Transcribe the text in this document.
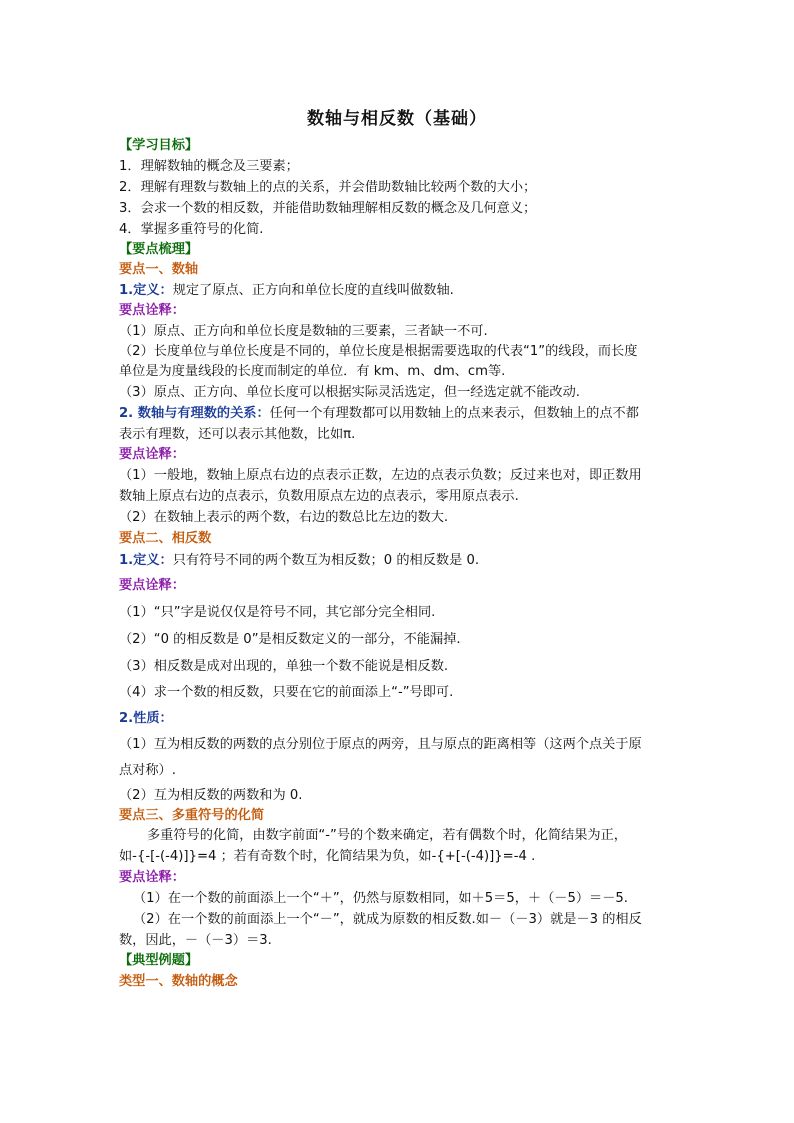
数轴与相反数（基础）
【学习目标】
1．理解数轴的概念及三要素；
2．理解有理数与数轴上的点的关系，并会借助数轴比较两个数的大小；
3．会求一个数的相反数，并能借助数轴理解相反数的概念及几何意义；
4．掌握多重符号的化简.
【要点梳理】
要点一、数轴
1.定义：规定了原点、正方向和单位长度的直线叫做数轴.
要点诠释：
（1）原点、正方向和单位长度是数轴的三要素，三者缺一不可.
（2）长度单位与单位长度是不同的，单位长度是根据需要选取的代表“1”的线段，而长度
单位是为度量线段的长度而制定的单位．有 km、m、dm、cm等.
（3）原点、正方向、单位长度可以根据实际灵活选定，但一经选定就不能改动.
2. 数轴与有理数的关系：任何一个有理数都可以用数轴上的点来表示，但数轴上的点不都
表示有理数，还可以表示其他数，比如π.
要点诠释：
（1）一般地，数轴上原点右边的点表示正数，左边的点表示负数；反过来也对，即正数用
数轴上原点右边的点表示，负数用原点左边的点表示，零用原点表示.
（2）在数轴上表示的两个数，右边的数总比左边的数大.
要点二、相反数
1.定义：只有符号不同的两个数互为相反数；0 的相反数是 0.
要点诠释：
（1）“只”字是说仅仅是符号不同，其它部分完全相同.
（2）“0 的相反数是 0”是相反数定义的一部分，不能漏掉.
（3）相反数是成对出现的，单独一个数不能说是相反数.
（4）求一个数的相反数，只要在它的前面添上“-”号即可.
2.性质：
（1）互为相反数的两数的点分别位于原点的两旁，且与原点的距离相等（这两个点关于原
点对称）.
（2）互为相反数的两数和为 0.
要点三、多重符号的化简
多重符号的化简，由数字前面“-”号的个数来确定，若有偶数个时，化简结果为正，
如-{-[-(-4)]}=4 ；若有奇数个时，化简结果为负，如-{+[-(-4)]}=-4 .
要点诠释：
（1）在一个数的前面添上一个“＋”，仍然与原数相同，如＋5＝5，＋（－5）＝－5.
（2）在一个数的前面添上一个“－”，就成为原数的相反数.如－（－3）就是－3 的相反
数，因此，－（－3）＝3.
【典型例题】
类型一、数轴的概念
